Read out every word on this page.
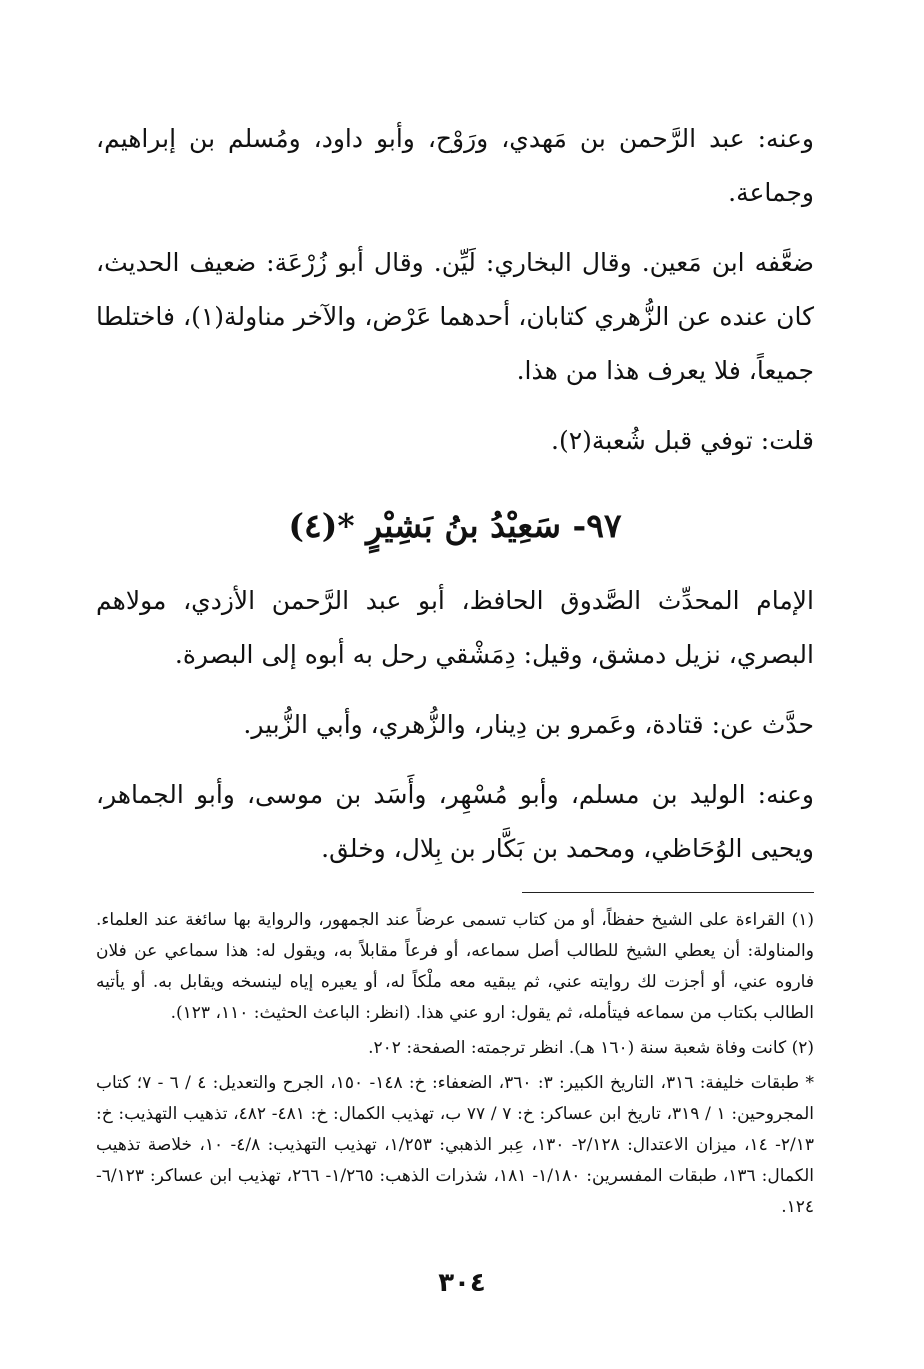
وعنه: عبد الرَّحمن بن مَهدي، ورَوْح، وأبو داود، ومُسلم بن إبراهيم، وجماعة.

ضعَّفه ابن مَعين. وقال البخاري: لَيِّن. وقال أبو زُرْعَة: ضعيف الحديث، كان عنده عن الزُّهري كتابان، أحدهما عَرْض، والآخر مناولة(١)، فاختلطا جميعاً، فلا يعرف هذا من هذا.

قلت: توفي قبل شُعبة(٢).

٩٧- سَعِيْدُ بنُ بَشِيْرٍ *(٤)

الإمام المحدِّث الصَّدوق الحافظ، أبو عبد الرَّحمن الأزدي، مولاهم البصري، نزيل دمشق، وقيل: دِمَشْقي رحل به أبوه إلى البصرة.

حدَّث عن: قتادة، وعَمرو بن دِينار، والزُّهري، وأبي الزُّبير.

وعنه: الوليد بن مسلم، وأبو مُسْهِر، وأَسَد بن موسى، وأبو الجماهر، ويحيى الوُحَاظي، ومحمد بن بَكَّار بن بِلال، وخلق.

(١) القراءة على الشيخ حفظاً، أو من كتاب تسمى عرضاً عند الجمهور، والرواية بها سائغة عند العلماء. والمناولة: أن يعطي الشيخ للطالب أصل سماعه، أو فرعاً مقابلاً به، ويقول له: هذا سماعي عن فلان فاروه عني، أو أجزت لك روايته عني، ثم يبقيه معه ملْكاً له، أو يعيره إياه لينسخه ويقابل به. أو يأتيه الطالب بكتاب من سماعه فيتأمله، ثم يقول: ارو عني هذا. (انظر: الباعث الحثيث: ١١٠، ١٢٣).

(٢) كانت وفاة شعبة سنة (١٦٠ هـ). انظر ترجمته: الصفحة: ٢٠٢.

* طبقات خليفة: ٣١٦، التاريخ الكبير: ٣: ٣٦٠، الضعفاء: خ: ١٤٨- ١٥٠، الجرح والتعديل: ٤ / ٦ - ٧؛ كتاب المجروحين: ١ / ٣١٩، تاريخ ابن عساكر: خ: ٧ / ٧٧ ب، تهذيب الكمال: خ: ٤٨١- ٤٨٢، تذهيب التهذيب: خ: ٢/١٣- ١٤، ميزان الاعتدال: ٢/١٢٨- ١٣٠، عِبر الذهبي: ١/٢٥٣، تهذيب التهذيب: ٤/٨- ١٠، خلاصة تذهيب الكمال: ١٣٦، طبقات المفسرين: ١/١٨٠- ١٨١، شذرات الذهب: ١/٢٦٥- ٢٦٦، تهذيب ابن عساكر: ٦/١٢٣- ١٢٤.

٣٠٤
